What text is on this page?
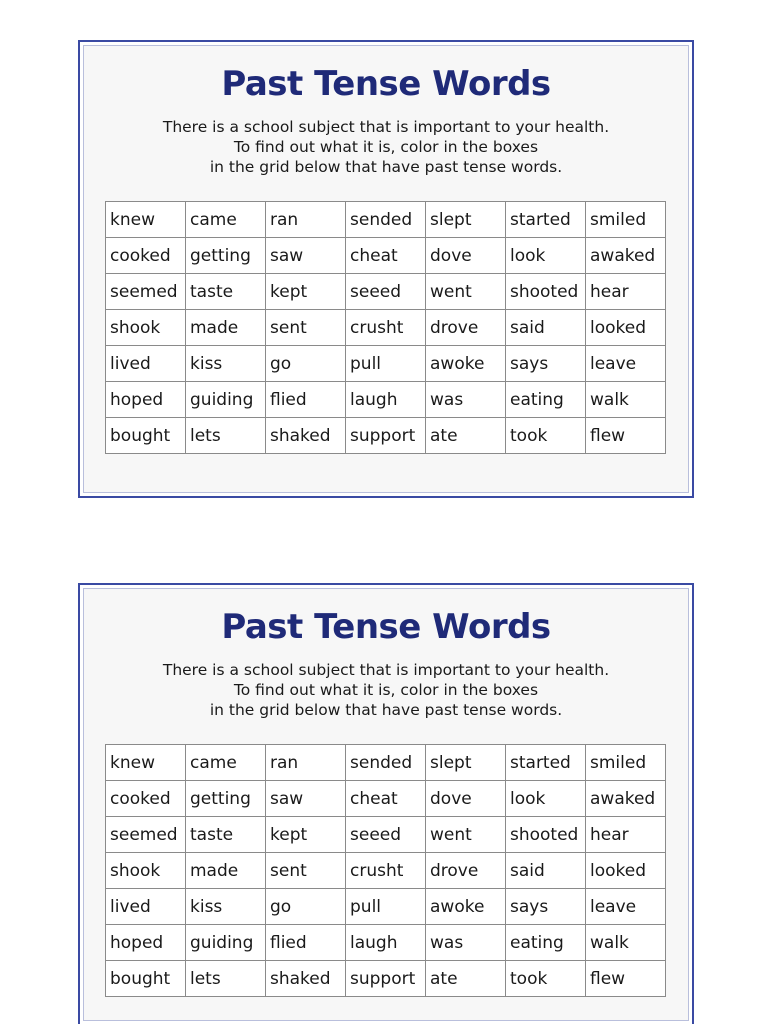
Past Tense Words
There is a school subject that is important to your health.
To find out what it is, color in the boxes
in the grid below that have past tense words.
knew	came	ran	sended	slept	started	smiled
cooked	getting	saw	cheat	dove	look	awaked
seemed	taste	kept	seeed	went	shooted	hear
shook	made	sent	crusht	drove	said	looked
lived	kiss	go	pull	awoke	says	leave
hoped	guiding	flied	laugh	was	eating	walk
bought	lets	shaked	support	ate	took	flew
Past Tense Words
There is a school subject that is important to your health.
To find out what it is, color in the boxes
in the grid below that have past tense words.
knew	came	ran	sended	slept	started	smiled
cooked	getting	saw	cheat	dove	look	awaked
seemed	taste	kept	seeed	went	shooted	hear
shook	made	sent	crusht	drove	said	looked
lived	kiss	go	pull	awoke	says	leave
hoped	guiding	flied	laugh	was	eating	walk
bought	lets	shaked	support	ate	took	flew
